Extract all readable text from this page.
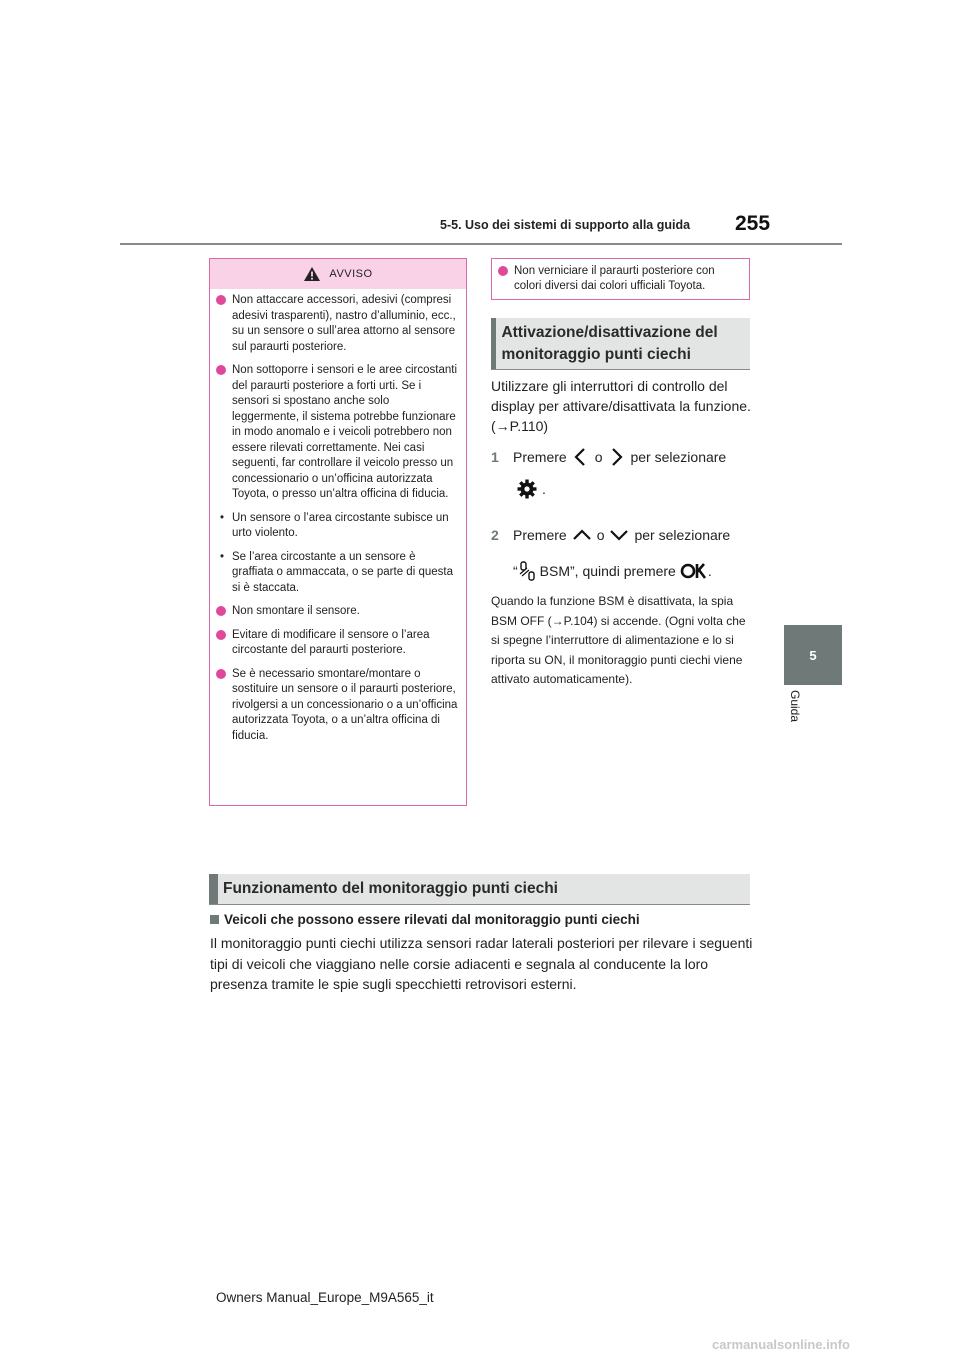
5-5. Uso dei sistemi di supporto alla guida 255
5
Guida
AVVISO
Non attaccare accessori, adesivi (compresi adesivi trasparenti), nastro d’alluminio, ecc., su un sensore o sull’area attorno al sensore sul paraurti posteriore.
Non sottoporre i sensori e le aree circostanti del paraurti posteriore a forti urti. Se i sensori si spostano anche solo leggermente, il sistema potrebbe funzionare in modo anomalo e i veicoli potrebbero non essere rilevati correttamente. Nei casi seguenti, far controllare il veicolo presso un concessionario o un’officina autorizzata Toyota, o presso un’altra officina di fiducia.
• Un sensore o l’area circostante subisce un urto violento.
• Se l’area circostante a un sensore è graffiata o ammaccata, o se parte di questa si è staccata.
Non smontare il sensore.
Evitare di modificare il sensore o l’area circostante del paraurti posteriore.
Se è necessario smontare/montare o sostituire un sensore o il paraurti posteriore, rivolgersi a un concessionario o a un’officina autorizzata Toyota, o a un’altra officina di fiducia.
Non verniciare il paraurti posteriore con colori diversi dai colori ufficiali Toyota.
Attivazione/disattivazione del monitoraggio punti ciechi
Utilizzare gli interruttori di controllo del display per attivare/disattivata la funzione. (→P.110)
1	Premere o per selezionare
.
2	Premere o per selezionare
“ BSM”, quindi premere .
Quando la funzione BSM è disattivata, la spia BSM OFF (→P.104) si accende. (Ogni volta che si spegne l’interruttore di alimentazione e lo si riporta su ON, il monitoraggio punti ciechi viene attivato automaticamente).
Funzionamento del monitoraggio punti ciechi
Veicoli che possono essere rilevati dal monitoraggio punti ciechi
Il monitoraggio punti ciechi utilizza sensori radar laterali posteriori per rilevare i seguenti tipi di veicoli che viaggiano nelle corsie adiacenti e segnala al conducente la loro presenza tramite le spie sugli specchietti retrovisori esterni.
Owners Manual_Europe_M9A565_it
carmanualsonline.info
